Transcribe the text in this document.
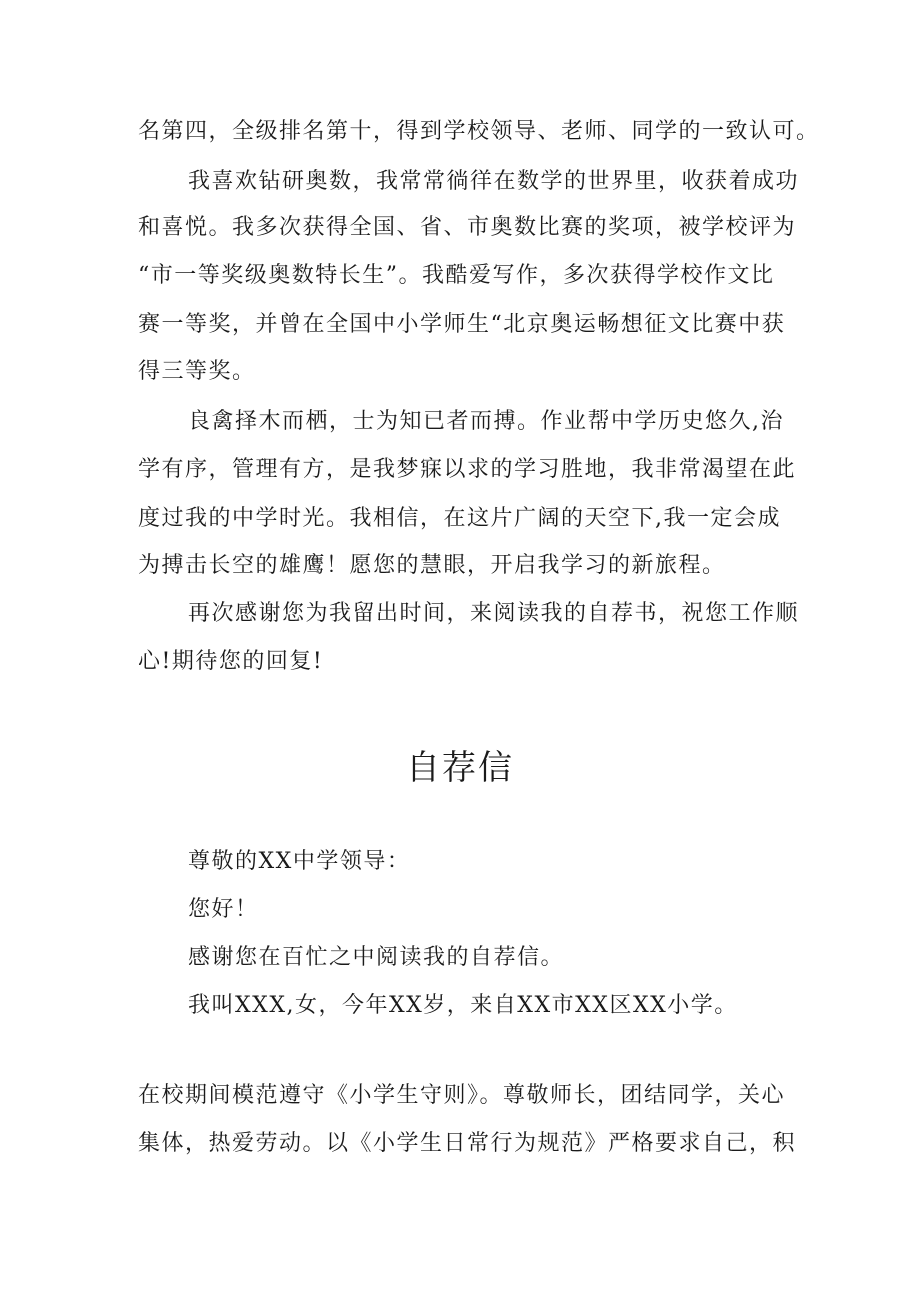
名第四，全级排名第十，得到学校领导、老师、同学的一致认可。
我喜欢钻研奥数，我常常徜徉在数学的世界里，收获着成功
和喜悦。我多次获得全国、省、市奥数比赛的奖项，被学校评为
“市一等奖级奥数特长生”。我酷爱写作，多次获得学校作文比
赛一等奖，并曾在全国中小学师生“北京奥运畅想征文比赛中获
得三等奖。
良禽择木而栖，士为知已者而搏。作业帮中学历史悠久,治
学有序，管理有方，是我梦寐以求的学习胜地，我非常渴望在此
度过我的中学时光。我相信，在这片广阔的天空下,我一定会成
为搏击长空的雄鹰！愿您的慧眼，开启我学习的新旅程。
再次感谢您为我留出时间，来阅读我的自荐书，祝您工作顺
心!期待您的回复!
自荐信
尊敬的XX中学领导：
您好！
感谢您在百忙之中阅读我的自荐信。
我叫XXX,女，今年XX岁，来自XX市XX区XX小学。
在校期间模范遵守《小学生守则》。尊敬师长，团结同学，关心
集体，热爱劳动。以《小学生日常行为规范》严格要求自己，积
